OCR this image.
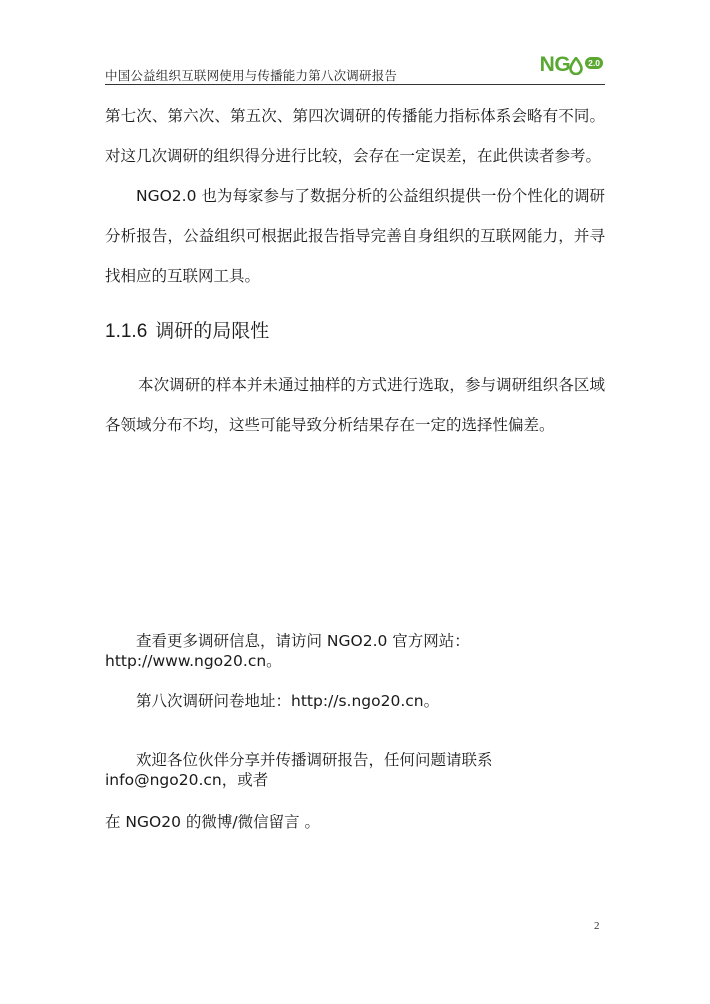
中国公益组织互联网使用与传播能力第八次调研报告	NG	2.0

第七次、第六次、第五次、第四次调研的传播能力指标体系会略有不同。对这几次调研的组织得分进行比较，会存在一定误差，在此供读者参考。

NGO2.0 也为每家参与了数据分析的公益组织提供一份个性化的调研分析报告，公益组织可根据此报告指导完善自身组织的互联网能力，并寻找相应的互联网工具。

1.1.6 调研的局限性

本次调研的样本并未通过抽样的方式进行选取，参与调研组织各区域各领域分布不均，这些可能导致分析结果存在一定的选择性偏差。

查看更多调研信息，请访问 NGO2.0 官方网站：http://www.ngo20.cn。

第八次调研问卷地址：http://s.ngo20.cn。

欢迎各位伙伴分享并传播调研报告，任何问题请联系 info@ngo20.cn，或者

在 NGO20 的微博/微信留言 。

2
